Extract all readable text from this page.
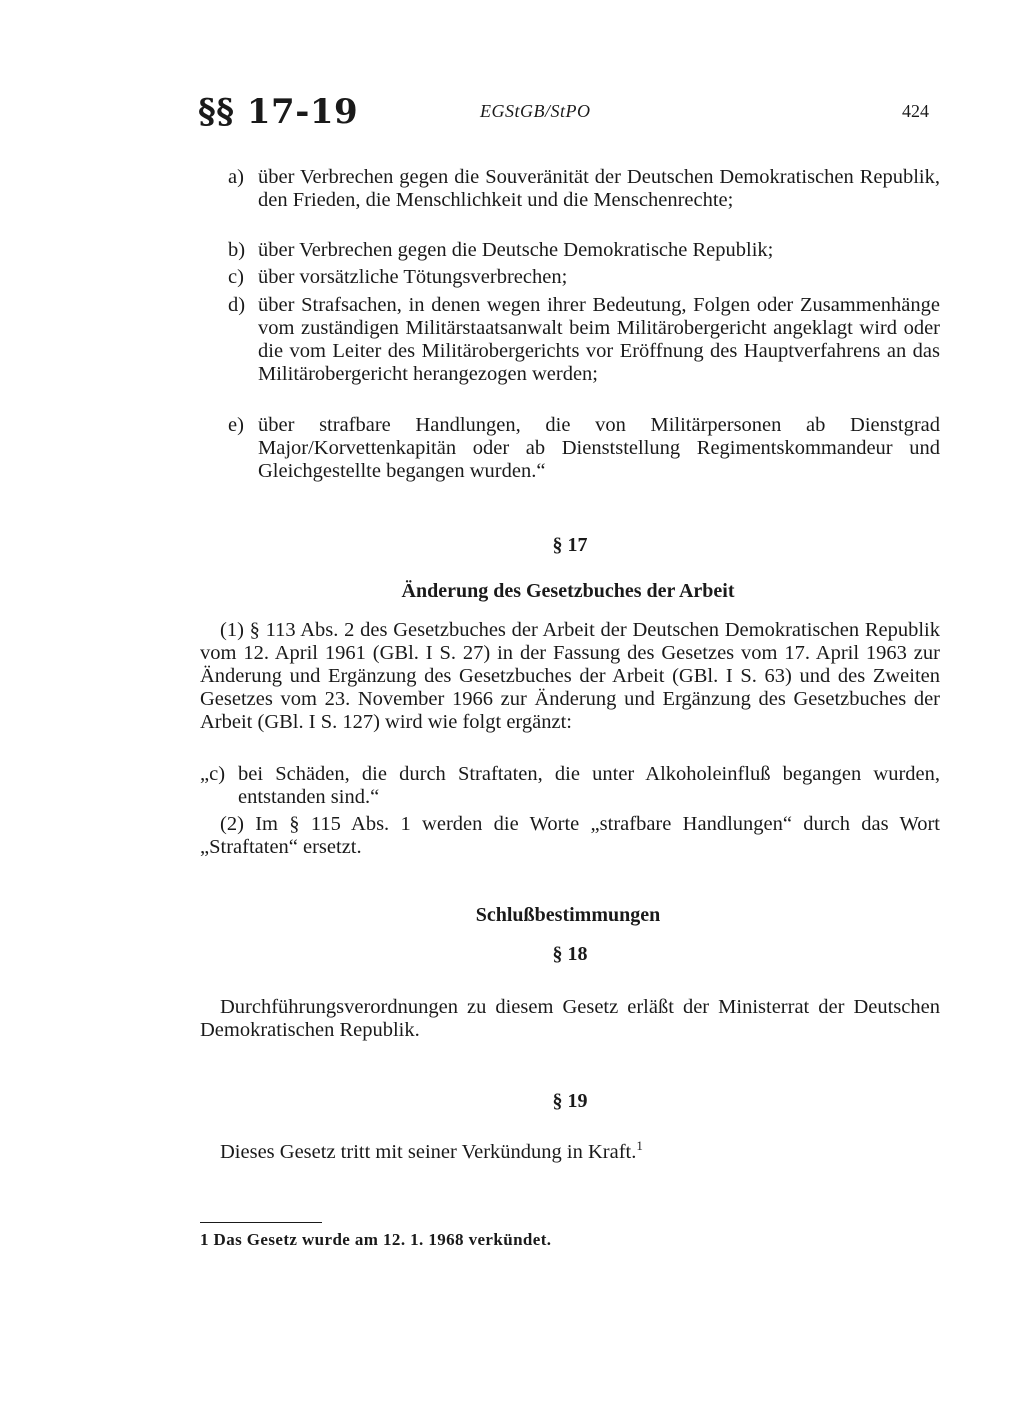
§§ 17-19	EGStGB/StPO	424
a) über Verbrechen gegen die Souveränität der Deutschen Demokratischen Republik, den Frieden, die Menschlichkeit und die Menschenrechte;
b) über Verbrechen gegen die Deutsche Demokratische Republik;
c) über vorsätzliche Tötungsverbrechen;
d) über Strafsachen, in denen wegen ihrer Bedeutung, Folgen oder Zusammenhänge vom zuständigen Militärstaatsanwalt beim Militärobergericht angeklagt wird oder die vom Leiter des Militärobergerichts vor Eröffnung des Hauptverfahrens an das Militärobergericht herangezogen werden;
e) über strafbare Handlungen, die von Militärpersonen ab Dienstgrad Major/Korvettenkapitän oder ab Dienststellung Regimentskommandeur und Gleichgestellte begangen wurden.“
§ 17
Änderung des Gesetzbuches der Arbeit
(1) § 113 Abs. 2 des Gesetzbuches der Arbeit der Deutschen Demokratischen Republik vom 12. April 1961 (GBl. I S. 27) in der Fassung des Gesetzes vom 17. April 1963 zur Änderung und Ergänzung des Gesetzbuches der Arbeit (GBl. I S. 63) und des Zweiten Gesetzes vom 23. November 1966 zur Änderung und Ergänzung des Gesetzbuches der Arbeit (GBl. I S. 127) wird wie folgt ergänzt:
„c) bei Schäden, die durch Straftaten, die unter Alkoholeinfluß begangen wurden, entstanden sind.“
(2) Im § 115 Abs. 1 werden die Worte „strafbare Handlungen“ durch das Wort „Straftaten“ ersetzt.
Schlußbestimmungen
§ 18
Durchführungsverordnungen zu diesem Gesetz erläßt der Ministerrat der Deutschen Demokratischen Republik.
§ 19
Dieses Gesetz tritt mit seiner Verkündung in Kraft.$^1$
1 Das Gesetz wurde am 12. 1. 1968 verkündet.
